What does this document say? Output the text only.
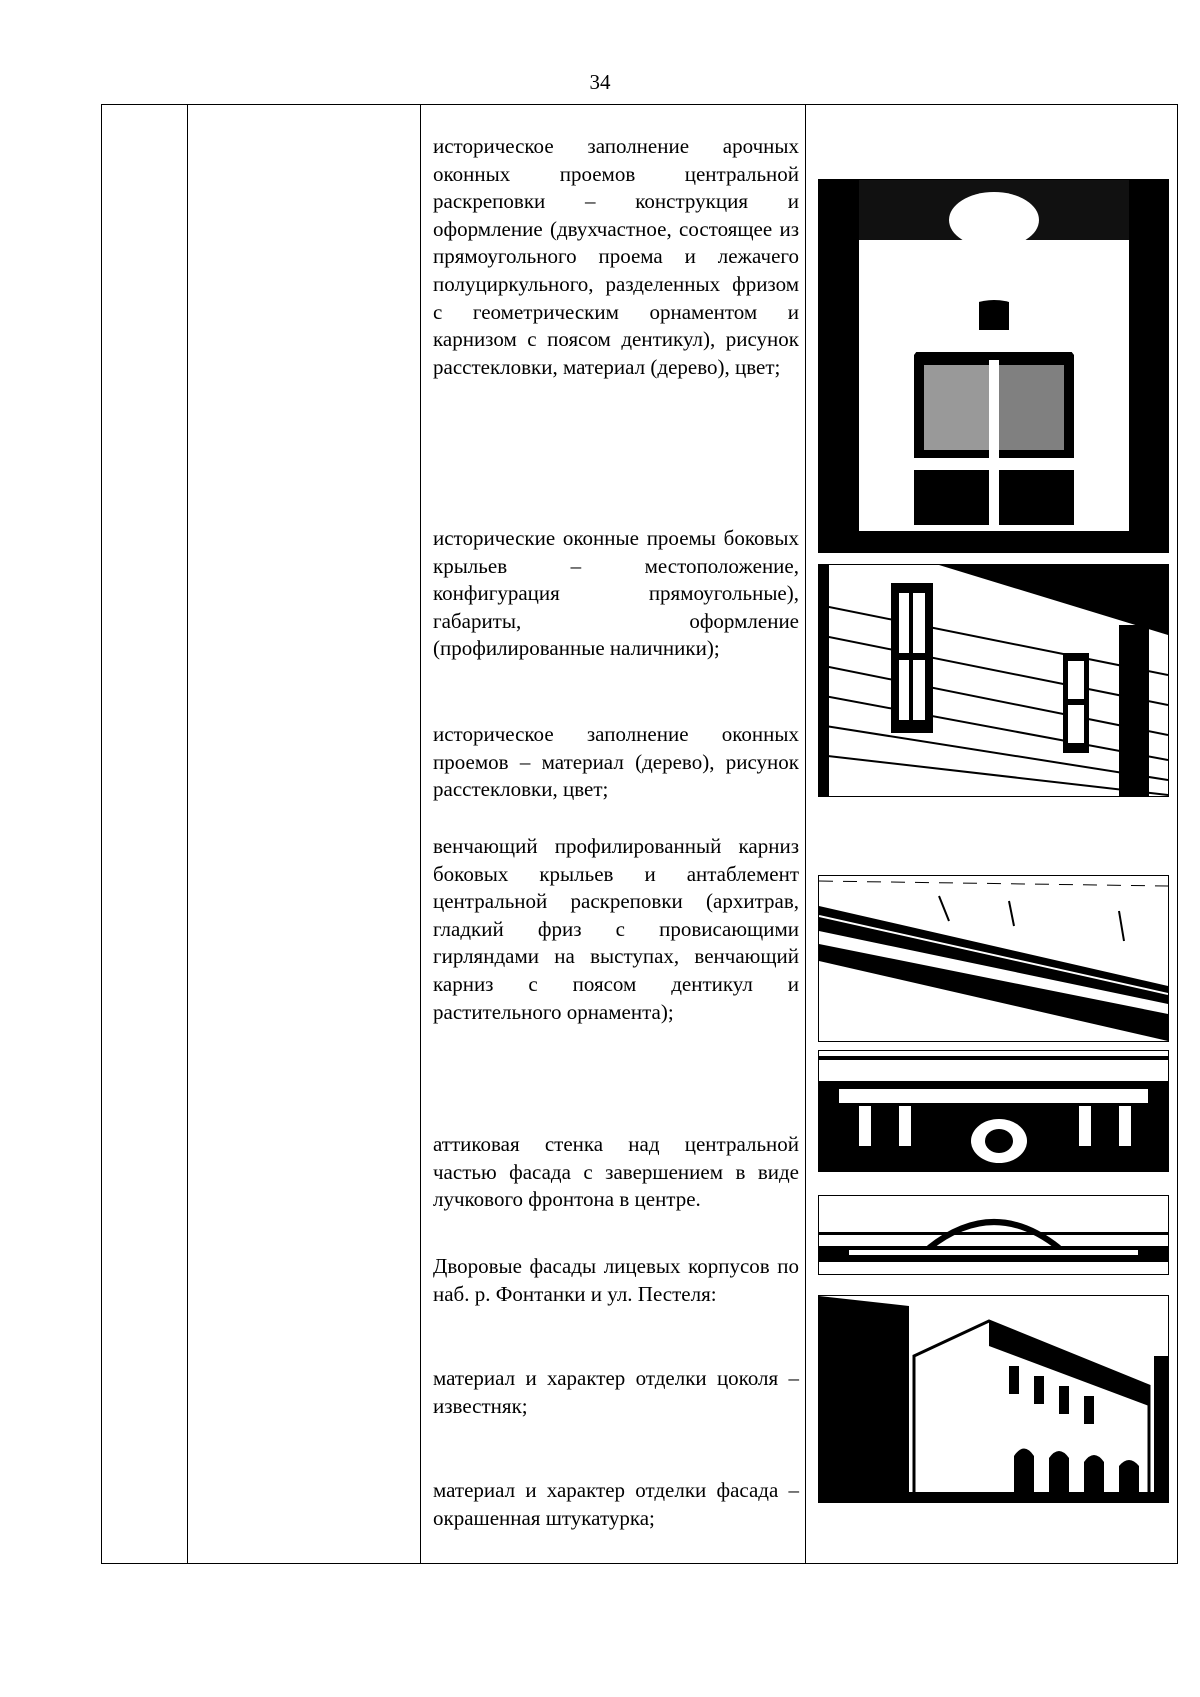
34

историческое заполнение арочных оконных проемов центральной раскреповки – конструкция и оформление (двухчастное, состоящее из прямоугольного проема и лежачего полуциркульного, разделенных фризом с геометрическим орнаментом и карнизом с поясом дентикул), рисунок расстекловки, материал (дерево), цвет;
исторические оконные проемы боковых крыльев – местоположение, конфигурация прямоугольные), габариты, оформление (профилированные наличники);
историческое заполнение оконных проемов – материал (дерево), рисунок расстекловки, цвет;
венчающий профилированный карниз боковых крыльев и антаблемент центральной раскреповки (архитрав, гладкий фриз с провисающими гирляндами на выступах, венчающий карниз с поясом дентикул и растительного орнамента);
аттиковая стенка над центральной частью фасада с завершением в виде лучкового фронтона в центре.
Дворовые фасады лицевых корпусов по наб. р. Фонтанки и ул. Пестеля:
материал и характер отделки цоколя – известняк;
материал и характер отделки фасада – окрашенная штукатурка;
